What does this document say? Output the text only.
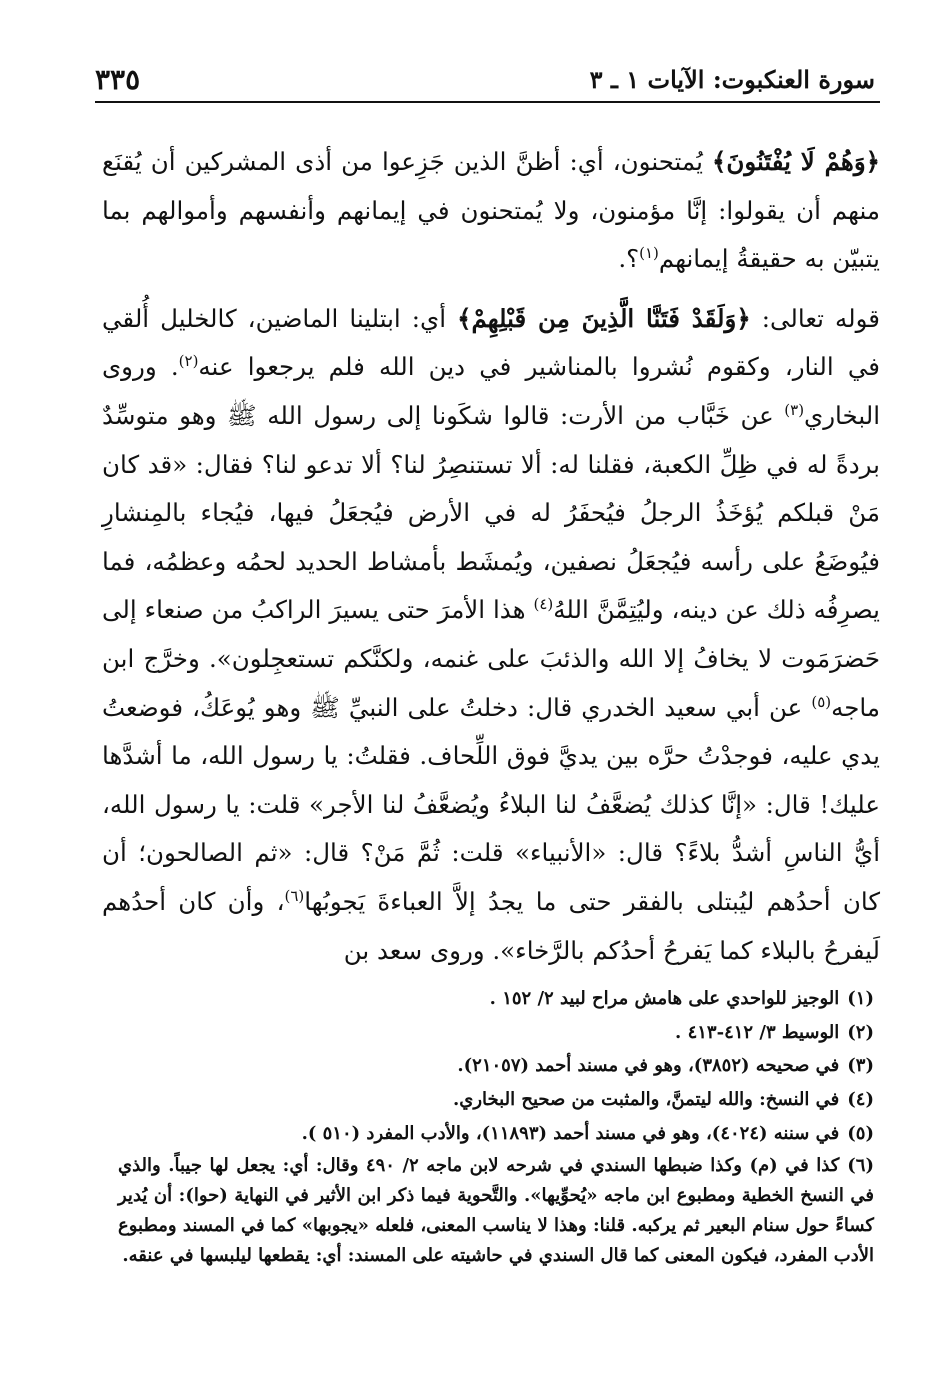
سورة العنكبوت: الآيات ١ ـ ٣
٣٣٥

﴿وَهُمْ لَا يُفْتَنُونَ﴾ يُمتحنون، أي: أظنَّ الذين جَزِعوا من أذى المشركين أن يُقنَع منهم أن يقولوا: إنَّا مؤمنون، ولا يُمتحنون في إيمانهم وأنفسهم وأموالهم بما يتبيّن به حقيقةُ إيمانهم$^{(١)}$؟.

قوله تعالى: ﴿وَلَقَدْ فَتَنَّا الَّذِينَ مِن قَبْلِهِمْ﴾ أي: ابتلينا الماضين، كالخليل أُلقي في النار، وكقوم نُشروا بالمناشير في دين الله فلم يرجعوا عنه$^{(٢)}$. وروى البخاري$^{(٣)}$ عن خَبَّاب من الأرت: قالوا شكَونا إلى رسول الله ﷺ وهو متوسِّدٌ بردةً له في ظِلِّ الكعبة، فقلنا له: ألا تستنصِرُ لنا؟ ألا تدعو لنا؟ فقال: «قد كان مَنْ قبلكم يُؤخَذُ الرجلُ فيُحفَرُ له في الأرض فيُجعَلُ فيها، فيُجاء بالمِنشارِ فيُوضَعُ على رأسه فيُجعَلُ نصفين، ويُمشَط بأمشاط الحديد لحمُه وعظمُه، فما يصرِفُه ذلك عن دينه، وليُتِمَّنَّ اللهُ$^{(٤)}$ هذا الأمرَ حتى يسيرَ الراكبُ من صنعاء إلى حَضرَمَوت لا يخافُ إلا الله والذئبَ على غنمه، ولكنَّكم تستعجِلون». وخرَّج ابن ماجه$^{(٥)}$ عن أبي سعيد الخدري قال: دخلتُ على النبيِّ ﷺ وهو يُوعَكُ، فوضعتُ يدي عليه، فوجدْتُ حرَّه بين يديَّ فوق اللِّحاف. فقلتُ: يا رسول الله، ما أشدَّها عليك! قال: «إنَّا كذلك يُضعَّفُ لنا البلاءُ ويُضعَّفُ لنا الأجر» قلت: يا رسول الله، أيُّ الناسِ أشدُّ بلاءً؟ قال: «الأنبياء» قلت: ثُمَّ مَنْ؟ قال: «ثم الصالحون؛ أن كان أحدُهم ليُبتلى بالفقر حتى ما يجدُ إلاَّ العباءةَ يَجوبُها$^{(٦)}$، وأن كان أحدُهم لَيفرحُ بالبلاء كما يَفرحُ أحدُكم بالرَّخاء». وروى سعد بن

(١)الوجيز للواحدي على هامش مراح لبيد ٢/ ١٥٢ .

(٢)الوسيط ٣/ ٤١٢-٤١٣ .

(٣)في صحيحه (٣٨٥٢)، وهو في مسند أحمد (٢١٠٥٧).

(٤)في النسخ: والله ليتمنَّ، والمثبت من صحيح البخاري.

(٥)في سننه (٤٠٢٤)، وهو في مسند أحمد (١١٨٩٣)، والأدب المفرد (٥١٠ ).

(٦)كذا في (م) وكذا ضبطها السندي في شرحه لابن ماجه ٢/ ٤٩٠ وقال: أي: يجعل لها جيباً. والذي في النسخ الخطية ومطبوع ابن ماجه «يُحوِّيها». والتَّحوية فيما ذكر ابن الأثير في النهاية (حوا): أن يُدير كساءً حول سنام البعير ثم يركبه. قلنا: وهذا لا يناسب المعنى، فلعله «يجوبها» كما في المسند ومطبوع الأدب المفرد، فيكون المعنى كما قال السندي في حاشيته على المسند: أي: يقطعها ليلبسها في عنقه.
